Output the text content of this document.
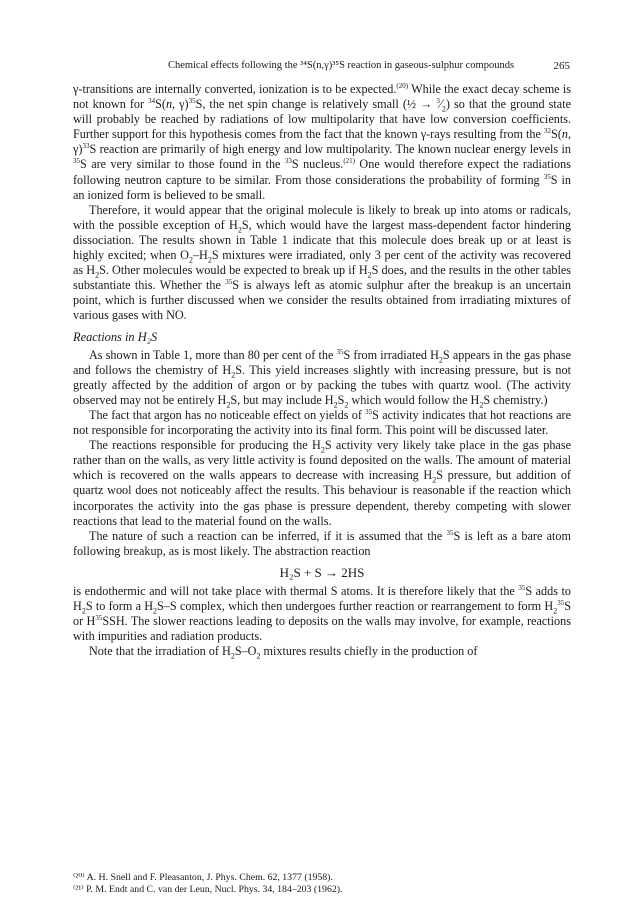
Chemical effects following the ³⁴S(n,γ)³⁵S reaction in gaseous-sulphur compounds	265

γ-transitions are internally converted, ionization is to be expected.$^{(20)}$ While the exact decay scheme is not known for $^{34}$S(n, γ)$^{35}$S, the net spin change is relatively small (½ → $^3⁄_2$) so that the ground state will probably be reached by radiations of low multipolarity that have low conversion coefficients. Further support for this hypothesis comes from the fact that the known γ-rays resulting from the $^{32}$S(n, γ)$^{33}$S reaction are primarily of high energy and low multipolarity. The known nuclear energy levels in $^{35}$S are very similar to those found in the $^{33}$S nucleus.$^{(21)}$ One would therefore expect the radiations following neutron capture to be similar. From those considerations the probability of forming $^{35}$S in an ionized form is believed to be small.

Therefore, it would appear that the original molecule is likely to break up into atoms or radicals, with the possible exception of $H_2S$, which would have the largest mass-dependent factor hindering dissociation. The results shown in Table 1 indicate that this molecule does break up or at least is highly excited; when $O_2-H_2S$ mixtures were irradiated, only 3 per cent of the activity was recovered as $H_2S$. Other molecules would be expected to break up if $H_2S$ does, and the results in the other tables substantiate this. Whether the $^{35}$S is always left as atomic sulphur after the breakup is an uncertain point, which is further discussed when we consider the results obtained from irradiating mixtures of various gases with NO.

Reactions in H₂S

As shown in Table 1, more than 80 per cent of the $^{35}$S from irradiated $H_2S$ appears in the gas phase and follows the chemistry of $H_2S$. This yield increases slightly with increasing pressure, but is not greatly affected by the addition of argon or by packing the tubes with quartz wool. (The activity observed may not be entirely $H_2S$, but may include $H_2S_2$ which would follow the $H_2S$ chemistry.)

The fact that argon has no noticeable effect on yields of $^{35}$S activity indicates that hot reactions are not responsible for incorporating the activity into its final form. This point will be discussed later.

The reactions responsible for producing the $H_2S$ activity very likely take place in the gas phase rather than on the walls, as very little activity is found deposited on the walls. The amount of material which is recovered on the walls appears to decrease with increasing $H_2S$ pressure, but addition of quartz wool does not noticeably affect the results. This behaviour is reasonable if the reaction which incorporates the activity into the gas phase is pressure dependent, thereby competing with slower reactions that lead to the material found on the walls.

The nature of such a reaction can be inferred, if it is assumed that the $^{35}$S is left as a bare atom following breakup, as is most likely. The abstraction reaction

H₂S + S → 2HS

is endothermic and will not take place with thermal S atoms. It is therefore likely that the $^{35}$S adds to $H_2S$ to form a $H_2S-S$ complex, which then undergoes further reaction or rearrangement to form $H_2^{35}S$ or $H^{35}SSH$. The slower reactions leading to deposits on the walls may involve, for example, reactions with impurities and radiation products.

Note that the irradiation of $H_2S-O_2$ mixtures results chiefly in the production of

⁽²⁰⁾ A. H. Snell and F. Pleasanton, J. Phys. Chem. 62, 1377 (1958).
⁽²¹⁾ P. M. Endt and C. van der Leun, Nucl. Phys. 34, 184–203 (1962).
